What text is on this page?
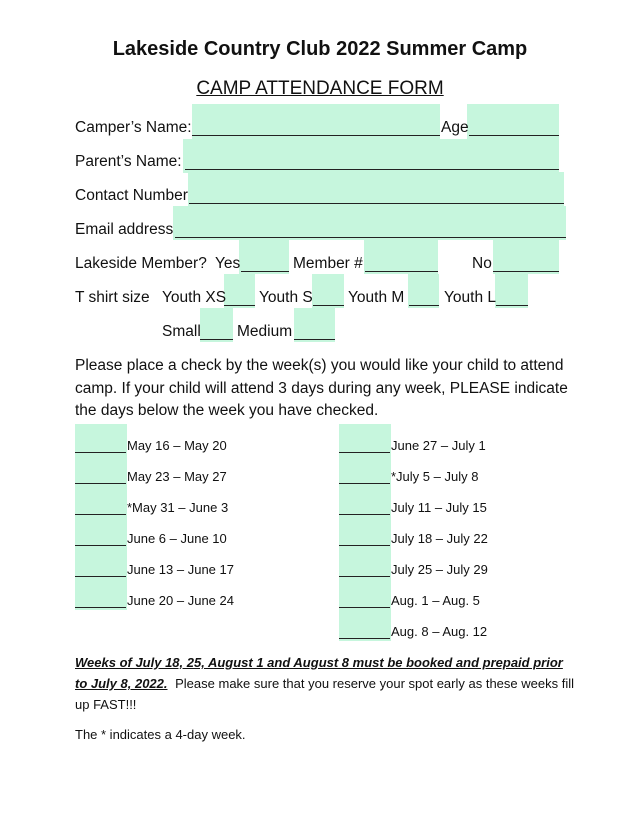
Lakeside Country Club 2022 Summer Camp
CAMP ATTENDANCE FORM
Camper’s Name:	Age
Parent’s Name:
Contact Number
Email address
Lakeside Member? Yes	Member #	No
T shirt size Youth XS Youth S Youth M	Youth L
Small Medium
Please place a check by the week(s) you would like your child to attend camp. If your child will attend 3 days during any week, PLEASE indicate the days below the week you have checked.
May 16 – May 20
May 23 – May 27
*May 31 – June 3
June 6 – June 10
June 13 – June 17
June 20 – June 24
June 27 – July 1
*July 5 – July 8
July 11 – July 15
July 18 – July 22
July 25 – July 29
Aug. 1 – Aug. 5
Aug. 8 – Aug. 12
Weeks of July 18, 25, August 1 and August 8 must be booked and prepaid prior to July 8, 2022. Please make sure that you reserve your spot early as these weeks fill up FAST!!!
The * indicates a 4-day week.
